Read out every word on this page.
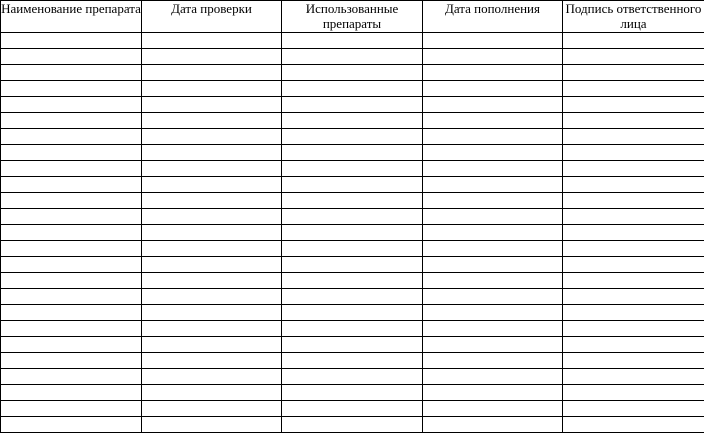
Наименование препарата	Дата проверки	Использованные препараты	Дата пополнения	Подпись ответственного лица
